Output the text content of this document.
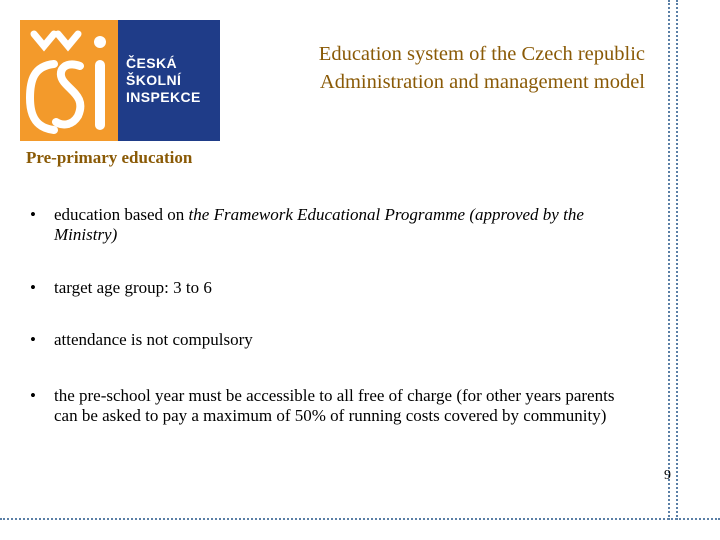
ČESKÁ
ŠKOLNÍ
INSPEKCE
Education system of the Czech republic
Administration and management model
Pre-primary education
•	education based on the Framework Educational Programme (approved by the Ministry)
•	target age group: 3 to 6
•	attendance is not compulsory
•	the pre-school year must be accessible to all free of charge (for other years parents can be asked to pay a maximum of 50% of running costs covered by community)
9
